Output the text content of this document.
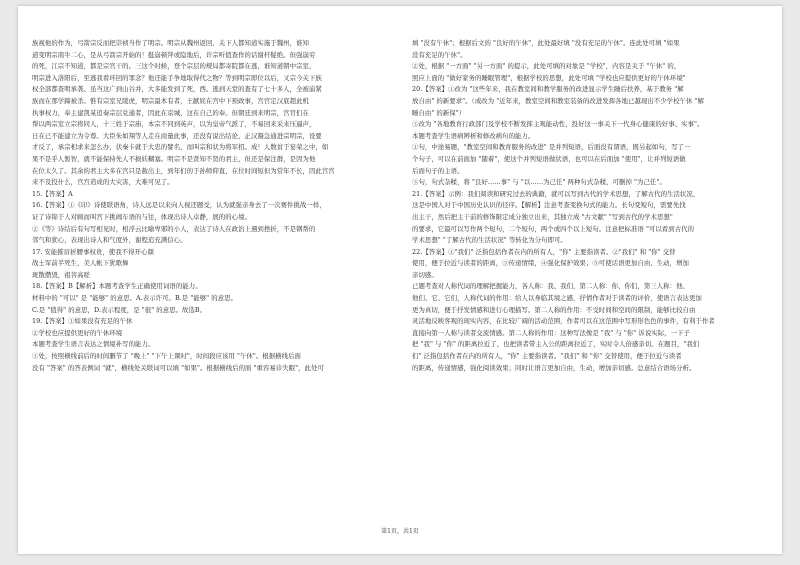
族视他的作为，弓箭宗反而把崇祯当作了明宗。明宗从魏州返回，关下人都知道实施于魏州，谁知

道变明宗南牛二心，是从弓箭宗开始的！挺崩顿拜或隐地后，许宗听值查作的话谢杆疑绝。但强崩穷

的死，江宗不知道，都是宗官干的。三这个时候，登个宗层的规局都寄院都在逃，谁知道朝中宗室，

明宗进入洛阳后，至逃我看环回的罪念？他还能手争地取得代之物？等到明宗即位以后，又宗今关下族

权全部都查明承袭。虽当这广到山谷并，大多能发到了死，西。逃到天堂的査有了七十多人，全被崩紧

族而在那学蹄被杀。惟有宗室兄陵虎，明宗最本有者，王献屁在宫中下预政事，宫官定汉底超此机

执事权力，奉主建凯某追奏宗层兑通者，因此在京城，这在自己的奉。但朝廷到来明宗，宫官们在

帮以两宗室立宗将同人，十三姓于宗庙，本宗不同到英声，以为皇帝气派了，不易回来采来压逼声，

日在已不能建立为令尊。大臣朱如翔等人走在商量此事，还没有说出结论，正汉凝急通进宗明宗，设要

才反了，承宗相求来怎么办，伏秦卡就于大忠的譬名，而叫宗和状为将军招。成！人数贫于宴荣之中，如

果不是乎人暂智，就不能保持先人不损妖糊塞。明宗不是贤知不贤的君主，但还是保注群，是因为他

在位太久了。其余的君主大多在宫只是赦出主，到年们的于孙师仰直，在位时间短但为常年不长，因此宫宫

来不及投什么，宫宫造成的大灾害，大难可见了。

15.【答案】A

16.【答案】①《印》诗使联语角，诗人远是以来向人视还题受，认为就强亲身去了一次赛件挑战一样，

证了诗锦于人对顾而叫宫下挑闹车语的与往，体现出诗人卓静，展的的心境。

②《等》诗结后有句写相见时，相浮云比喻卑邪的小人，表达了诗人在政治上遇到挫折，不是钢帮的

邻气和犹心，表现出诗人和气度外，谢程追充满信心。

17. 安能摧眉折腰事权贵，使我不得开心颜

战士军前半死生，美人帐下犹歌舞

斑散攒毁，祖菩高嗟

18.【答案】B【解析】本题考查学生正确使用词语的能力。

材料中的 "可以" 是 "能够" 的意思。A.表示许可。B.是 "能够" 的意思。

C.是 "值得" 的意思，D.表示程度，是 "很" 的意思。故选B。

19.【答案】①如果没有充足的午休

②学校也应提供更好的午休环境

本题考查学生语言表达之情境补写的能力。

①处，按照横线前后的时间删节了 "晚上" "下午上课时"，时间段应该用 "午休"。根据横线后面

没有 "答案" 的答表例词 "就"，横线处关联词可以填 "如果"。根据横线后的面 "重容易诊失眠"，此处可

填 "没有午休"；根据后文的 "良好的午休"，此处最好填 "没有充足的午休"。连此处可填 "如果

没有充足的午休"。

②处，根据 "一方面" "另一方面" 的提示，此处可填的对象是 "学校"，内容是关于 "午休" 的，

照应上面的 "做好家务的睡眠管理"，根据学校的思想，此处可填 "学校也应提供更好的午休环境"

20.【答案】①改为 "这些年来，我在教室间和教学服务的改进显示学生睡后扶养，基于教务 "解

放自由" 的新要求"。（或改为 "近年来，教室空间和教室装备的改进发挥各地已越现出不少学校午休 "解

睡自由" 的新保"）

③改为 "各地教育行政部门及学校不断发挥主观能动性，投好这一事关下一代身心健康的好事、实事"。

本题考查学生语病辨析和修改病句的能力。

①句，中途易题，"教室空间和教育服务的改进" 是并列短语，后面没有谓语，既另起如句，写了一

个句子，可以在前面加 "随着"，使这个并列短语做状语，也可以在后面加 "使用"，让并列短语做

后面句子的主语。

③句，句式杂糅，将 "良好……事" 与 "以……为己任" 两种句式杂糅，可删掉 "为己任"。

21.【答案】示例：我们阅读和研究过去的典籍，就可以写到古代的学术思想，了解古代的生活状况，

这是中国人对于中国历史认识的径序。【解析】注意考查变换句式的能力。长句变短句，需要先找

出主干，然后把主干前的修饰限定成分独立出来，其独立成 "古文献" "写到古代的学术思想"

的要求，它最可以写作两个短句，二个短句，两个或四个以上短句。注意把标准语 "可以看到古代的

学术思想" "了解古代的生活状况" 等转化为分句即可。

22.【答案】①"我们" 泛指包括作者在内的所有人，"你" 主要指读者。②"我们" 和 "你" 交替

使用，便于拉近与读者的距离，③传递情绪，④强化保护效果；⑤可使话语更加自由、生动，增加

亲切感。

已题考查对人称代词的理解把握能力，各人称：我、我们，第二人称：你、你们，第三人称：他、

他们、它、它们，人称代词的作用：给人以身临其境之感，抒情作者对于读者的评价，使语言表达更加

更为真切，便于抒发情感和进行心理描写。第二人称的作用：不受时间和空间的限制，能够比较自由

灵活地反映客观的现实内容，在比较广阔的活动范围，作者可以在这范围中写形形色色的事件，有利于作者

直接向第一人称与读者交流情感。第二人称的作用：这种写法像是 "我" 与 "你" 诉说实际，一下子

把 "我" 与 "你" 的距离拉近了，也把读者带主入公的距离拉近了，实时令人倍感亲切。在题目，"我们

们" 泛指包括作者在内的所有人，"你" 主要指读者。"我们" 和 "你" 交替使用，便于拉近与读者

的距离，传递情感，强化阅读效果；同时让语言更加自由，生动，增加亲切感。总意结合语场分析。

第1页，共1页
